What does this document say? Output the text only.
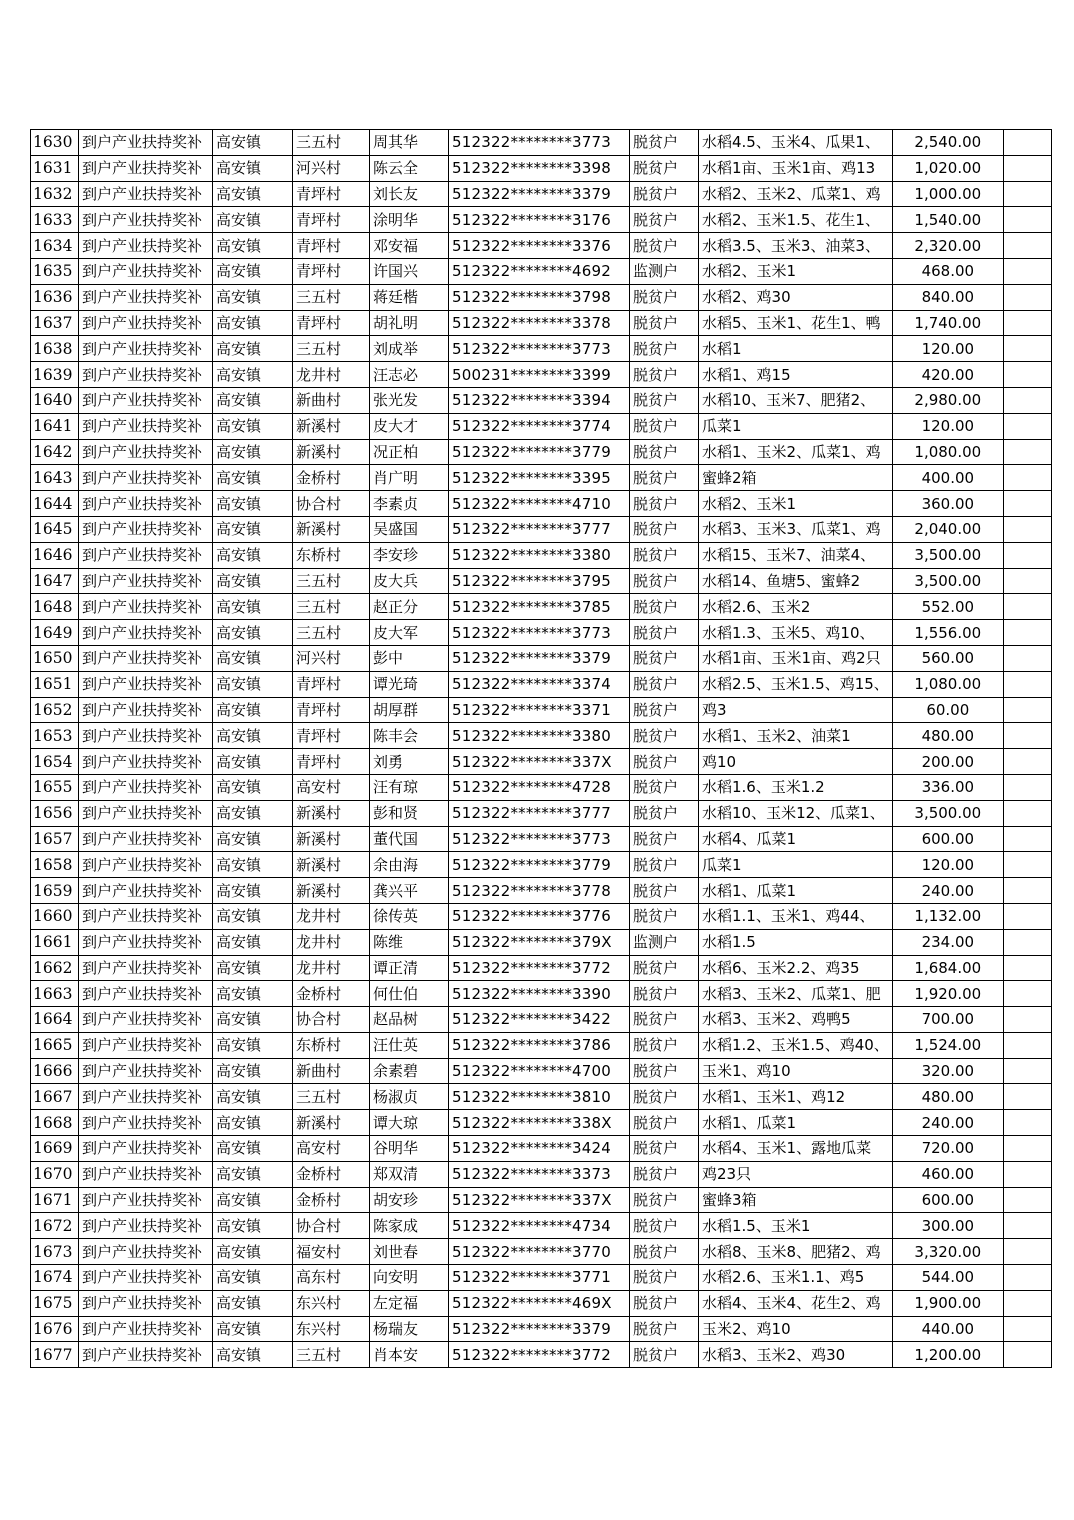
1630	到户产业扶持奖补	高安镇	三五村	周其华	512322********3773	脱贫户	水稻4.5、玉米4、瓜果1、	2,540.00	
1631	到户产业扶持奖补	高安镇	河兴村	陈云全	512322********3398	脱贫户	水稻1亩、玉米1亩、鸡13	1,020.00	
1632	到户产业扶持奖补	高安镇	青坪村	刘长友	512322********3379	脱贫户	水稻2、玉米2、瓜菜1、鸡	1,000.00	
1633	到户产业扶持奖补	高安镇	青坪村	涂明华	512322********3176	脱贫户	水稻2、玉米1.5、花生1、	1,540.00	
1634	到户产业扶持奖补	高安镇	青坪村	邓安福	512322********3376	脱贫户	水稻3.5、玉米3、油菜3、	2,320.00	
1635	到户产业扶持奖补	高安镇	青坪村	许国兴	512322********4692	监测户	水稻2、玉米1	468.00	
1636	到户产业扶持奖补	高安镇	三五村	蒋廷楷	512322********3798	脱贫户	水稻2、鸡30	840.00	
1637	到户产业扶持奖补	高安镇	青坪村	胡礼明	512322********3378	脱贫户	水稻5、玉米1、花生1、鸭	1,740.00	
1638	到户产业扶持奖补	高安镇	三五村	刘成举	512322********3773	脱贫户	水稻1	120.00	
1639	到户产业扶持奖补	高安镇	龙井村	汪志必	500231********3399	脱贫户	水稻1、鸡15	420.00	
1640	到户产业扶持奖补	高安镇	新曲村	张光发	512322********3394	脱贫户	水稻10、玉米7、肥猪2、	2,980.00	
1641	到户产业扶持奖补	高安镇	新溪村	皮大才	512322********3774	脱贫户	瓜菜1	120.00	
1642	到户产业扶持奖补	高安镇	新溪村	况正柏	512322********3779	脱贫户	水稻1、玉米2、瓜菜1、鸡	1,080.00	
1643	到户产业扶持奖补	高安镇	金桥村	肖广明	512322********3395	脱贫户	蜜蜂2箱	400.00	
1644	到户产业扶持奖补	高安镇	协合村	李素贞	512322********4710	脱贫户	水稻2、玉米1	360.00	
1645	到户产业扶持奖补	高安镇	新溪村	吴盛国	512322********3777	脱贫户	水稻3、玉米3、瓜菜1、鸡	2,040.00	
1646	到户产业扶持奖补	高安镇	东桥村	李安珍	512322********3380	脱贫户	水稻15、玉米7、油菜4、	3,500.00	
1647	到户产业扶持奖补	高安镇	三五村	皮大兵	512322********3795	脱贫户	水稻14、鱼塘5、蜜蜂2	3,500.00	
1648	到户产业扶持奖补	高安镇	三五村	赵正分	512322********3785	脱贫户	水稻2.6、玉米2	552.00	
1649	到户产业扶持奖补	高安镇	三五村	皮大军	512322********3773	脱贫户	水稻1.3、玉米5、鸡10、	1,556.00	
1650	到户产业扶持奖补	高安镇	河兴村	彭中	512322********3379	脱贫户	水稻1亩、玉米1亩、鸡2只	560.00	
1651	到户产业扶持奖补	高安镇	青坪村	谭光琦	512322********3374	脱贫户	水稻2.5、玉米1.5、鸡15、	1,080.00	
1652	到户产业扶持奖补	高安镇	青坪村	胡厚群	512322********3371	脱贫户	鸡3	60.00	
1653	到户产业扶持奖补	高安镇	青坪村	陈丰会	512322********3380	脱贫户	水稻1、玉米2、油菜1	480.00	
1654	到户产业扶持奖补	高安镇	青坪村	刘勇	512322********337X	脱贫户	鸡10	200.00	
1655	到户产业扶持奖补	高安镇	高安村	汪有琼	512322********4728	脱贫户	水稻1.6、玉米1.2	336.00	
1656	到户产业扶持奖补	高安镇	新溪村	彭和贤	512322********3777	脱贫户	水稻10、玉米12、瓜菜1、	3,500.00	
1657	到户产业扶持奖补	高安镇	新溪村	董代国	512322********3773	脱贫户	水稻4、瓜菜1	600.00	
1658	到户产业扶持奖补	高安镇	新溪村	余由海	512322********3779	脱贫户	瓜菜1	120.00	
1659	到户产业扶持奖补	高安镇	新溪村	龚兴平	512322********3778	脱贫户	水稻1、瓜菜1	240.00	
1660	到户产业扶持奖补	高安镇	龙井村	徐传英	512322********3776	脱贫户	水稻1.1、玉米1、鸡44、	1,132.00	
1661	到户产业扶持奖补	高安镇	龙井村	陈维	512322********379X	监测户	水稻1.5	234.00	
1662	到户产业扶持奖补	高安镇	龙井村	谭正清	512322********3772	脱贫户	水稻6、玉米2.2、鸡35	1,684.00	
1663	到户产业扶持奖补	高安镇	金桥村	何仕伯	512322********3390	脱贫户	水稻3、玉米2、瓜菜1、肥	1,920.00	
1664	到户产业扶持奖补	高安镇	协合村	赵品树	512322********3422	脱贫户	水稻3、玉米2、鸡鸭5	700.00	
1665	到户产业扶持奖补	高安镇	东桥村	汪仕英	512322********3786	脱贫户	水稻1.2、玉米1.5、鸡40、	1,524.00	
1666	到户产业扶持奖补	高安镇	新曲村	余素碧	512322********4700	脱贫户	玉米1、鸡10	320.00	
1667	到户产业扶持奖补	高安镇	三五村	杨淑贞	512322********3810	脱贫户	水稻1、玉米1、鸡12	480.00	
1668	到户产业扶持奖补	高安镇	新溪村	谭大琼	512322********338X	脱贫户	水稻1、瓜菜1	240.00	
1669	到户产业扶持奖补	高安镇	高安村	谷明华	512322********3424	脱贫户	水稻4、玉米1、露地瓜菜	720.00	
1670	到户产业扶持奖补	高安镇	金桥村	郑双清	512322********3373	脱贫户	鸡23只	460.00	
1671	到户产业扶持奖补	高安镇	金桥村	胡安珍	512322********337X	脱贫户	蜜蜂3箱	600.00	
1672	到户产业扶持奖补	高安镇	协合村	陈家成	512322********4734	脱贫户	水稻1.5、玉米1	300.00	
1673	到户产业扶持奖补	高安镇	福安村	刘世春	512322********3770	脱贫户	水稻8、玉米8、肥猪2、鸡	3,320.00	
1674	到户产业扶持奖补	高安镇	高东村	向安明	512322********3771	脱贫户	水稻2.6、玉米1.1、鸡5	544.00	
1675	到户产业扶持奖补	高安镇	东兴村	左定福	512322********469X	脱贫户	水稻4、玉米4、花生2、鸡	1,900.00	
1676	到户产业扶持奖补	高安镇	东兴村	杨瑞友	512322********3379	脱贫户	玉米2、鸡10	440.00	
1677	到户产业扶持奖补	高安镇	三五村	肖本安	512322********3772	脱贫户	水稻3、玉米2、鸡30	1,200.00	
